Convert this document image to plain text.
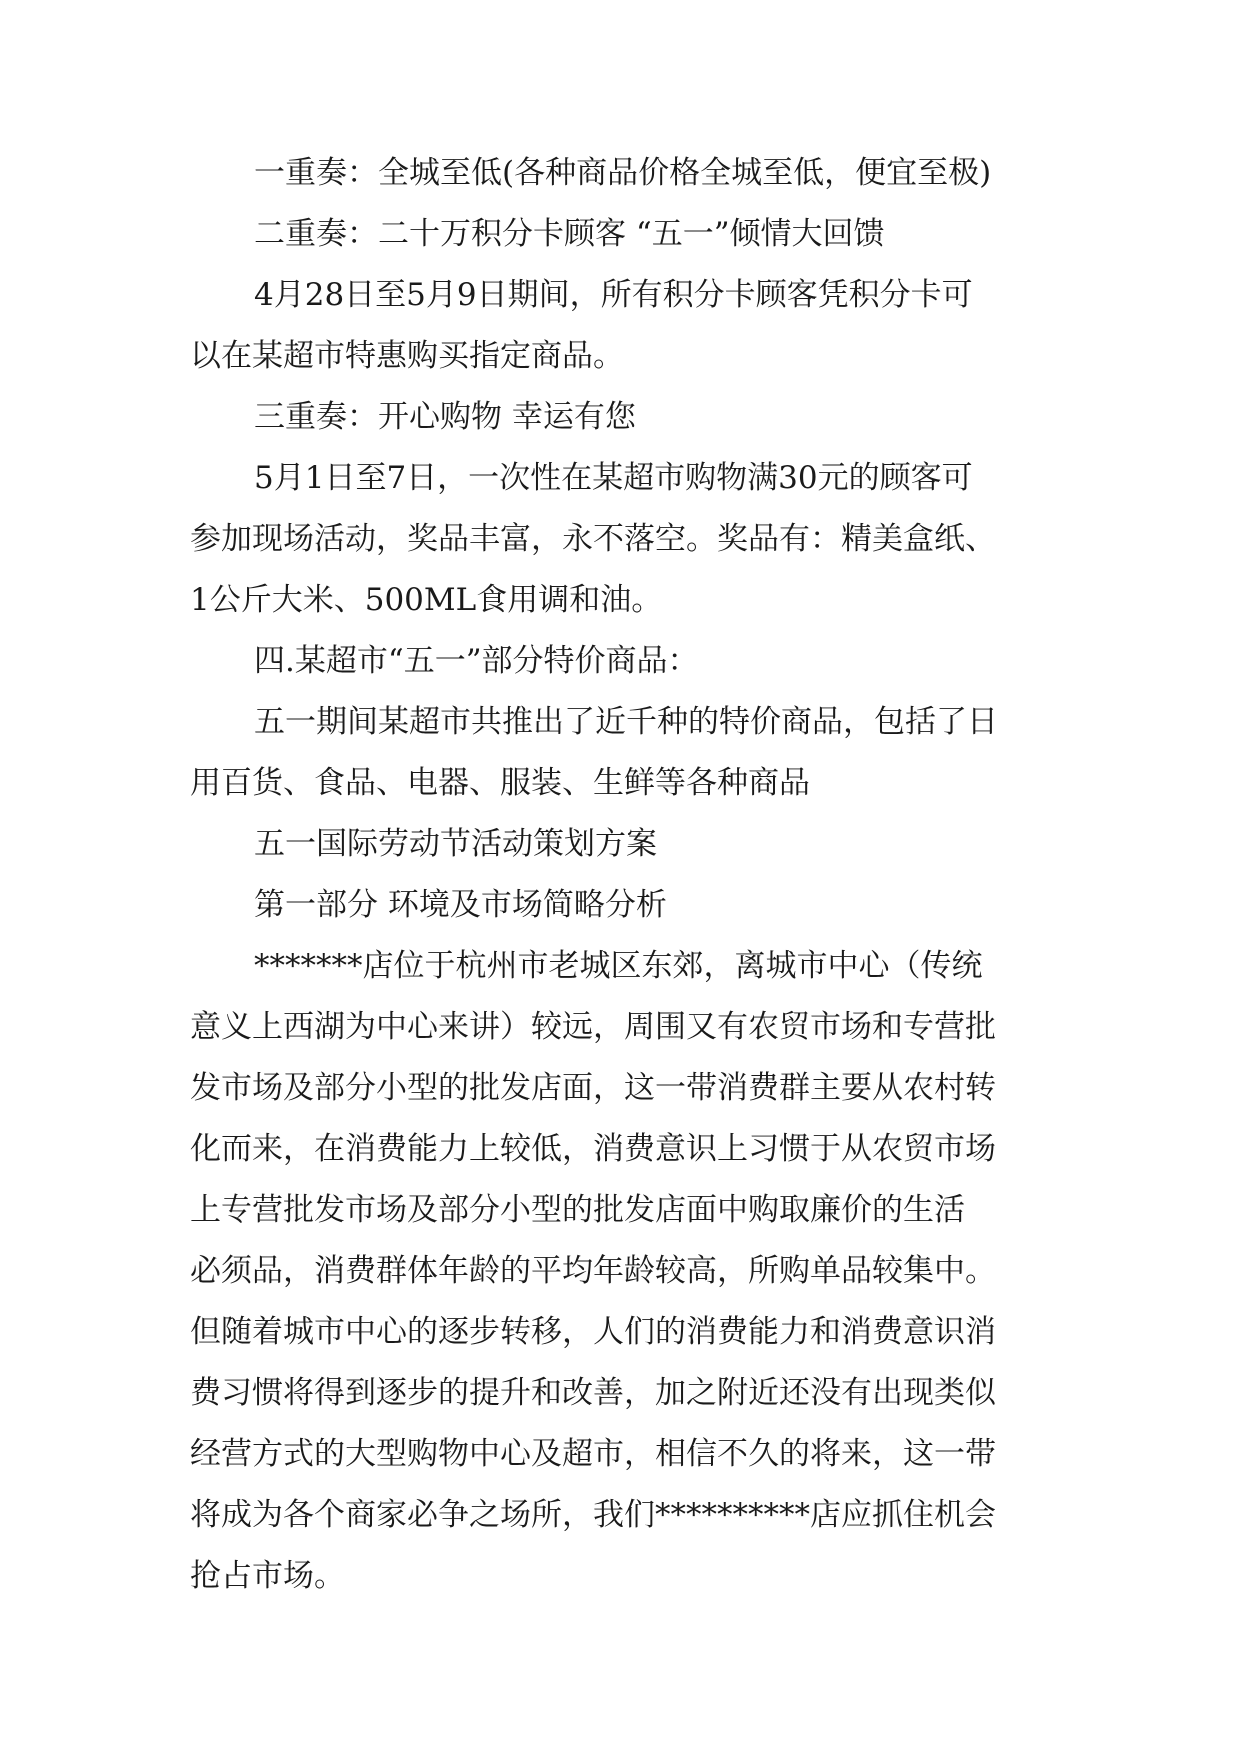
一重奏：全城至低(各种商品价格全城至低，便宜至极)
二重奏：二十万积分卡顾客 “五一”倾情大回馈
4月28日至5月9日期间，所有积分卡顾客凭积分卡可
以在某超市特惠购买指定商品。
三重奏：开心购物 幸运有您
5月1日至7日，一次性在某超市购物满30元的顾客可
参加现场活动，奖品丰富，永不落空。奖品有：精美盒纸、
1公斤大米、500ML食用调和油。
四.某超市“五一”部分特价商品：
五一期间某超市共推出了近千种的特价商品，包括了日
用百货、食品、电器、服装、生鲜等各种商品
五一国际劳动节活动策划方案
第一部分 环境及市场简略分析
*******店位于杭州市老城区东郊，离城市中心（传统
意义上西湖为中心来讲）较远，周围又有农贸市场和专营批
发市场及部分小型的批发店面，这一带消费群主要从农村转
化而来，在消费能力上较低，消费意识上习惯于从农贸市场
上专营批发市场及部分小型的批发店面中购取廉价的生活
必须品，消费群体年龄的平均年龄较高，所购单品较集中。
但随着城市中心的逐步转移，人们的消费能力和消费意识消
费习惯将得到逐步的提升和改善，加之附近还没有出现类似
经营方式的大型购物中心及超市，相信不久的将来，这一带
将成为各个商家必争之场所，我们**********店应抓住机会
抢占市场。
